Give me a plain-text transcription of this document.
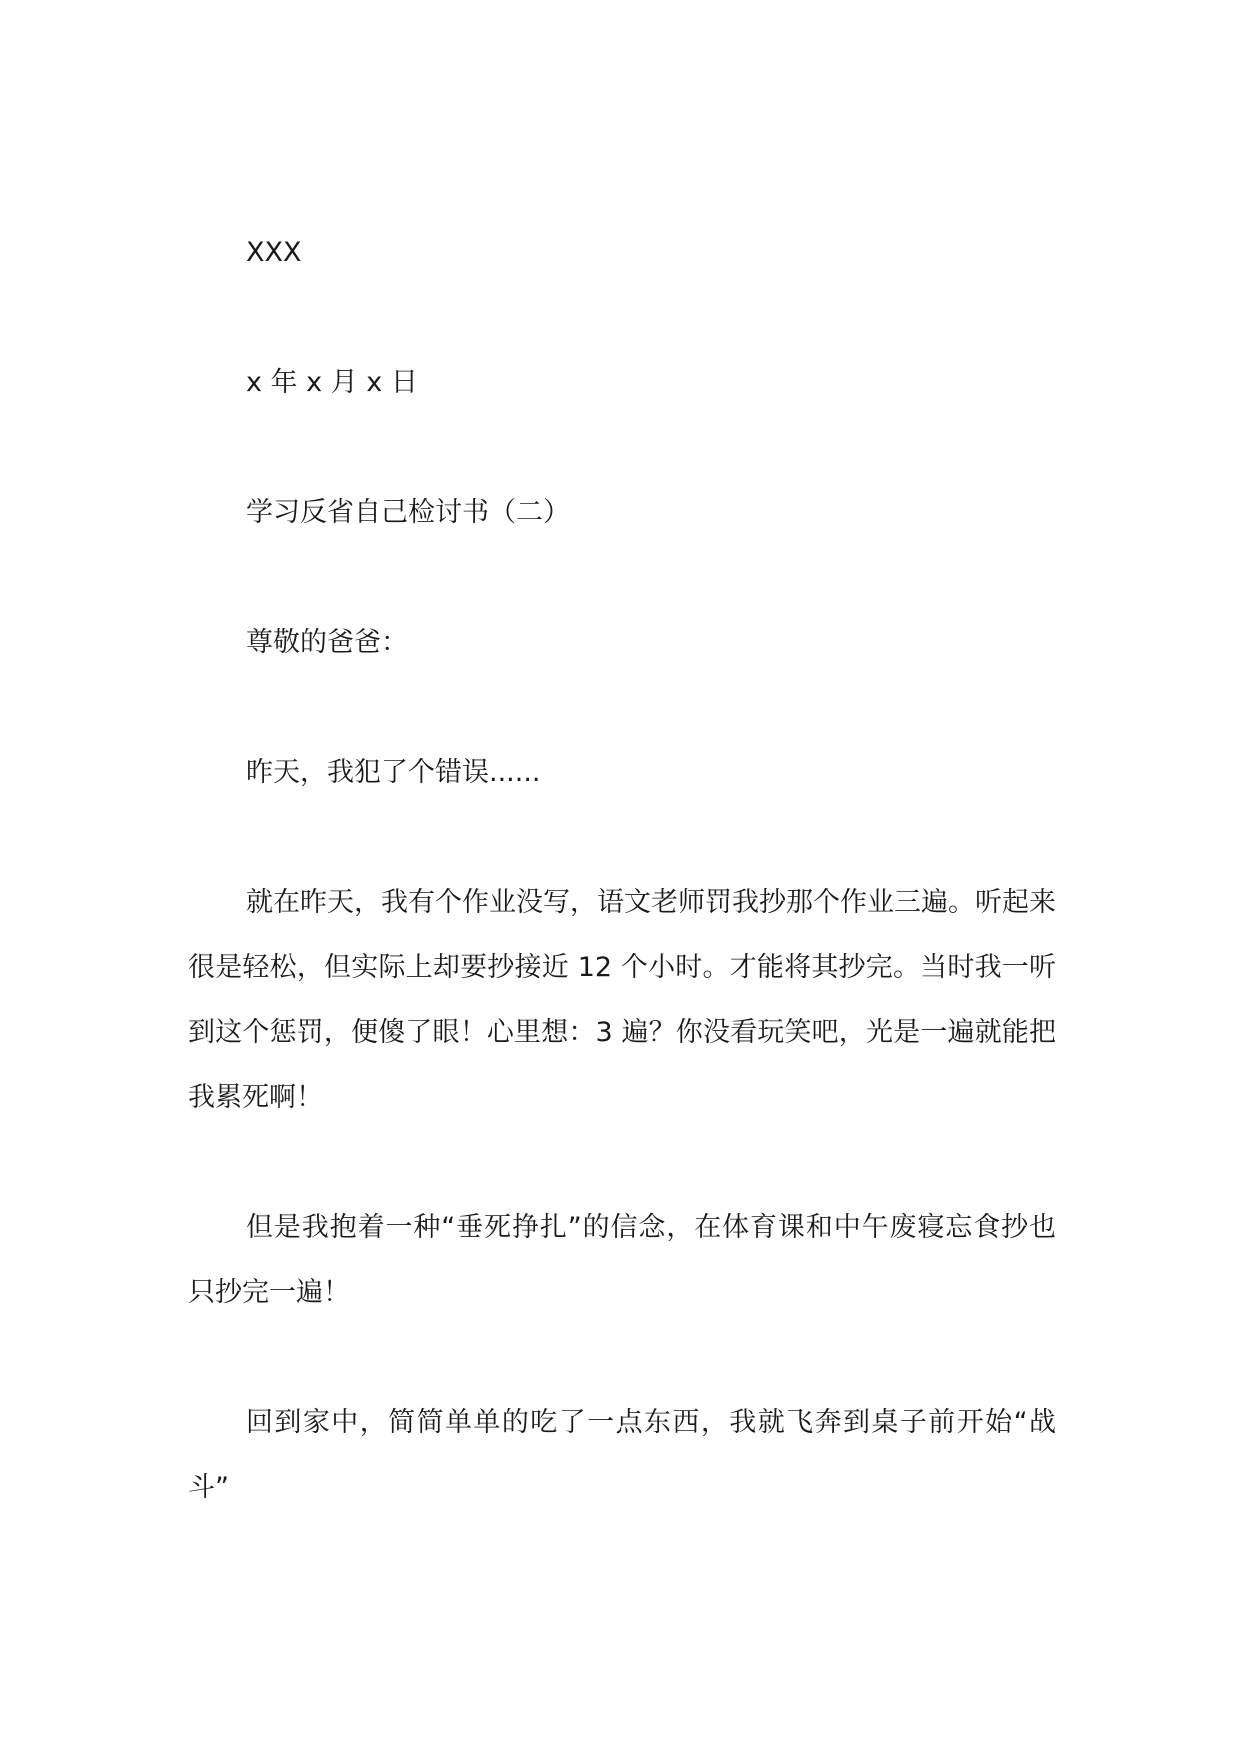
XXX

x 年 x 月 x 日

学习反省自己检讨书（二）

尊敬的爸爸：

昨天，我犯了个错误......

就在昨天，我有个作业没写，语文老师罚我抄那个作业三遍。听起来很是轻松，但实际上却要抄接近 12 个小时。才能将其抄完。当时我一听到这个惩罚，便傻了眼！心里想：3 遍？你没看玩笑吧，光是一遍就能把我累死啊！

但是我抱着一种“垂死挣扎”的信念，在体育课和中午废寝忘食抄也只抄完一遍！

回到家中，简简单单的吃了一点东西，我就飞奔到桌子前开始“战斗”
